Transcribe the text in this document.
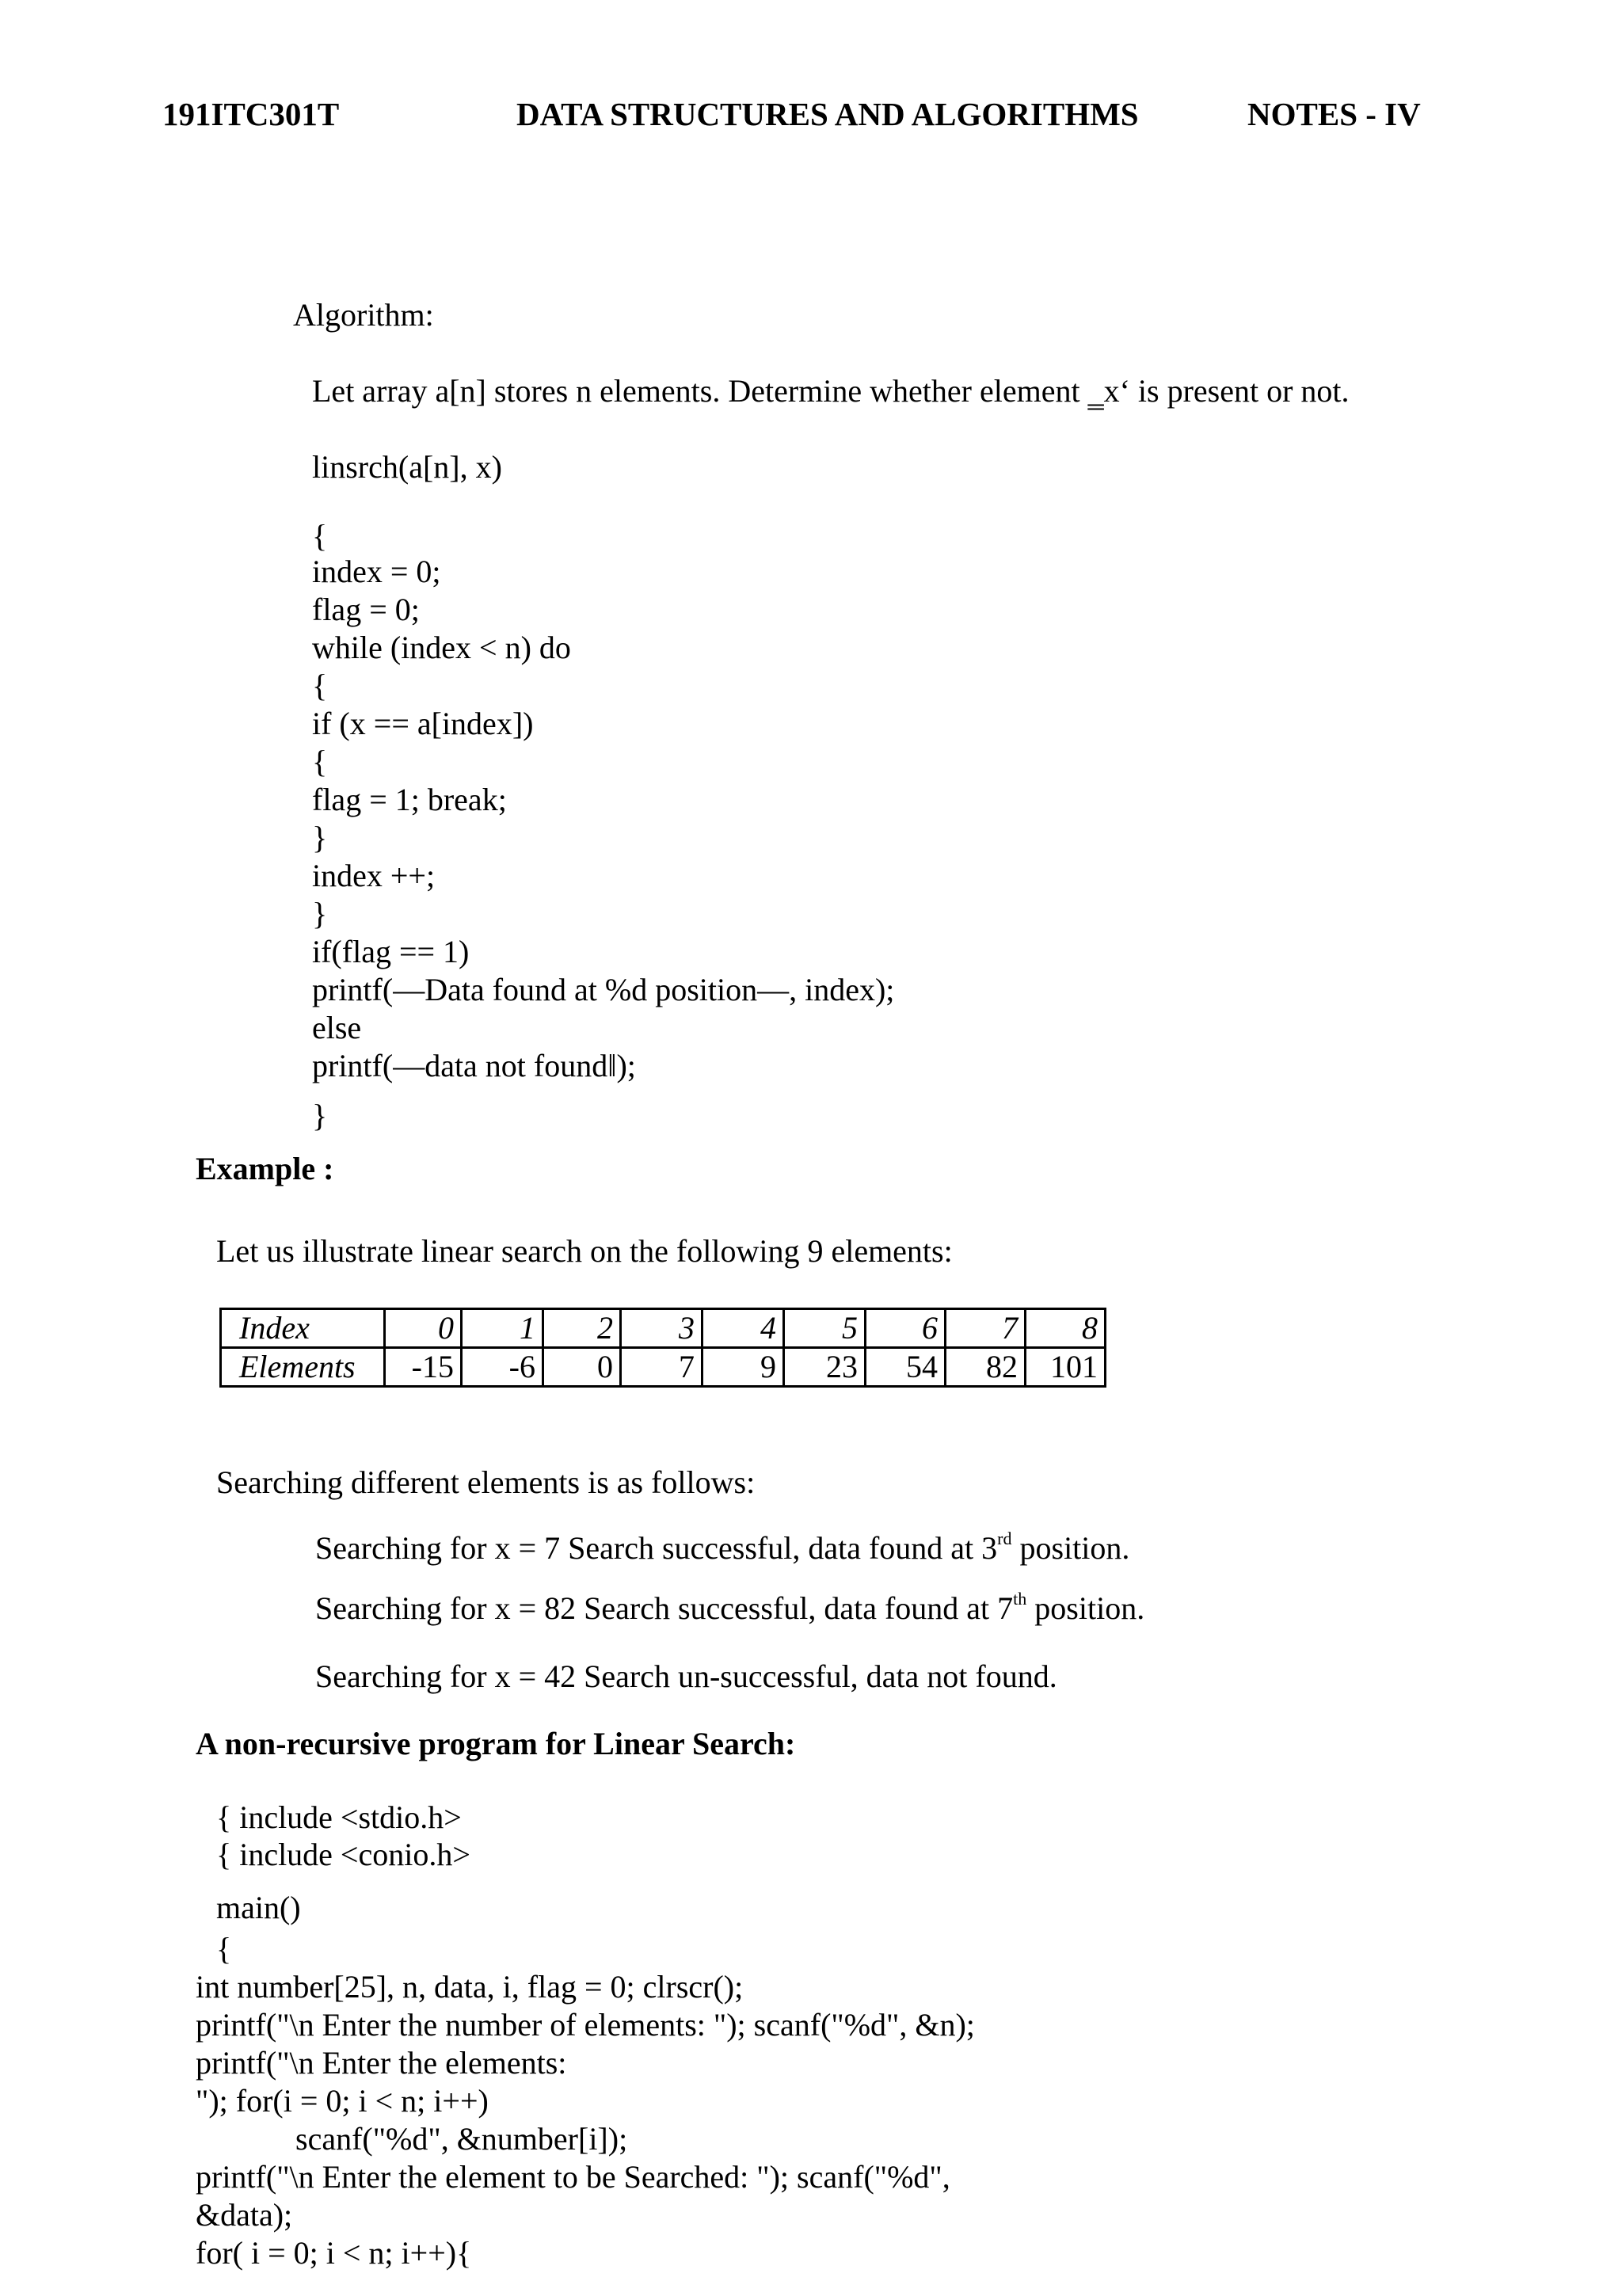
191ITC301T	DATA STRUCTURES AND ALGORITHMS	NOTES - IV
Algorithm:
Let array a[n] stores n elements. Determine whether element ‗x‘ is present or not.
linsrch(a[n], x)
{
index = 0;
flag = 0;
while (index < n) do
{
if (x == a[index])
{
flag = 1; break;
}
index ++;
}
if(flag == 1)
printf(―Data found at %d position―, index);
else
printf(―data not found‖);
}
Example :
Let us illustrate linear search on the following 9 elements:
Index	0	1	2	3	4	5	6	7	8
Elements	-15	-6	0	7	9	23	54	82	101
Searching different elements is as follows:
Searching for x = 7 Search successful, data found at 3rd position.
Searching for x = 82 Search successful, data found at 7th position.
Searching for x = 42 Search un-successful, data not found.
A non-recursive program for Linear Search:
{ include <stdio.h>
{ include <conio.h>
main()
{
int number[25], n, data, i, flag = 0; clrscr();
printf("\n Enter the number of elements: "); scanf("%d", &n);
printf("\n Enter the elements:
"); for(i = 0; i < n; i++)
scanf("%d", &number[i]);
printf("\n Enter the element to be Searched: "); scanf("%d",
&data);
for( i = 0; i < n; i++){
